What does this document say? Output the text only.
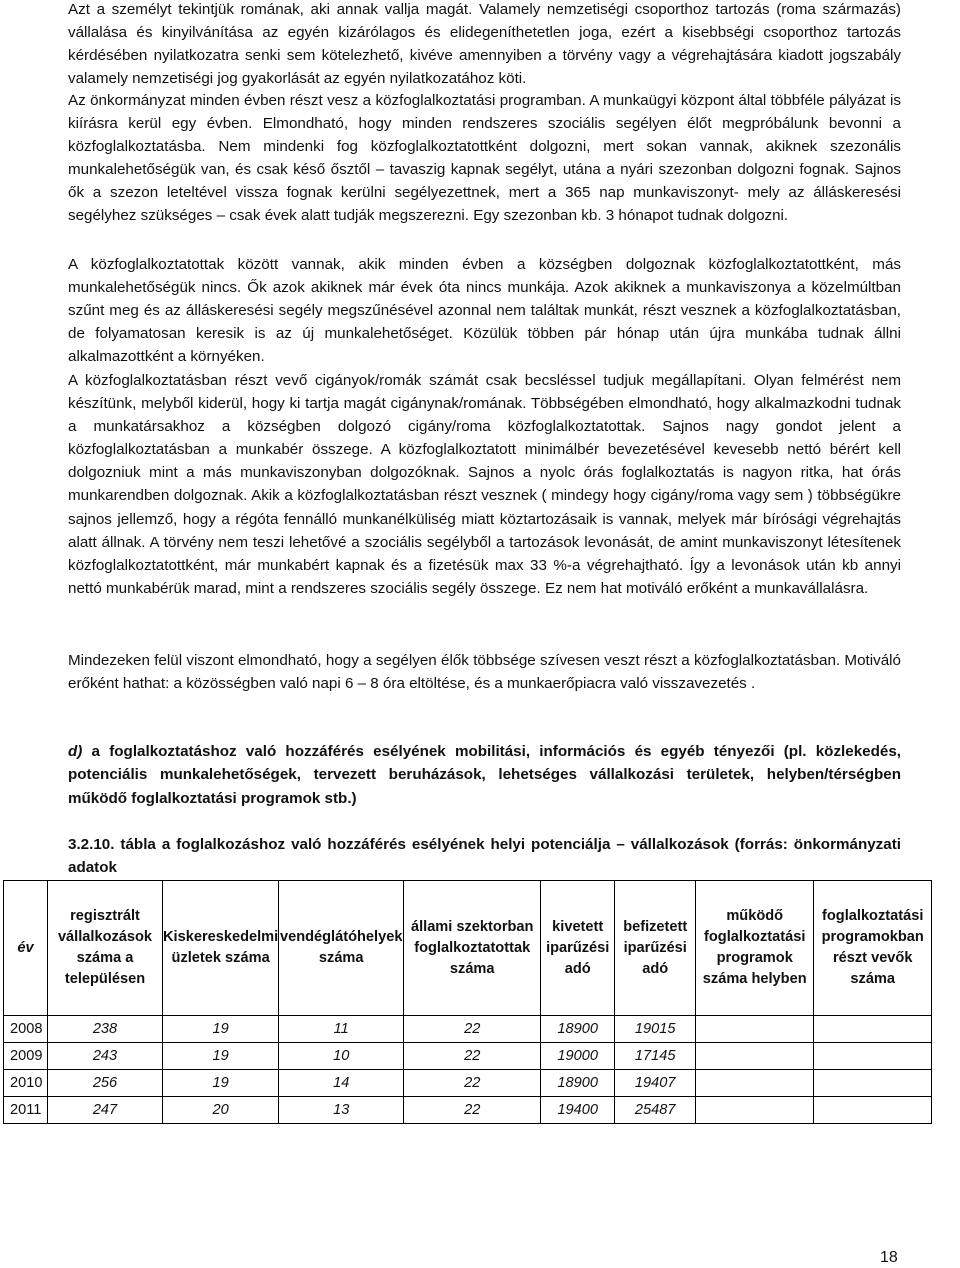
Azt a személyt tekintjük romának, aki annak vallja magát. Valamely nemzetiségi csoporthoz tartozás (roma származás) vállalása és kinyilvánítása az egyén kizárólagos és elidegeníthetetlen joga, ezért a kisebbségi csoporthoz tartozás kérdésében nyilatkozatra senki sem kötelezhető, kivéve amennyiben a törvény vagy a végrehajtására kiadott jogszabály valamely nemzetiségi jog gyakorlását az egyén nyilatkozatához köti.

Az önkormányzat minden évben részt vesz a közfoglalkoztatási programban. A munkaügyi központ által többféle pályázat is kiírásra kerül egy évben. Elmondható, hogy minden rendszeres szociális segélyen élőt megpróbálunk bevonni a közfoglalkoztatásba. Nem mindenki fog közfoglalkoztatottként dolgozni, mert sokan vannak, akiknek szezonális munkalehetőségük van, és csak késő ősztől – tavaszig kapnak segélyt, utána a nyári szezonban dolgozni fognak. Sajnos ők a szezon leteltével vissza fognak kerülni segélyezettnek, mert a 365 nap munkaviszonyt- mely az álláskeresési segélyhez szükséges – csak évek alatt tudják megszerezni. Egy szezonban kb. 3 hónapot tudnak dolgozni.

A közfoglalkoztatottak között vannak, akik minden évben a községben dolgoznak közfoglalkoztatottként, más munkalehetőségük nincs. Ők azok akiknek már évek óta nincs munkája. Azok akiknek a munkaviszonya a közelmúltban szűnt meg és az álláskeresési segély megszűnésével azonnal nem találtak munkát, részt vesznek a közfoglalkoztatásban, de folyamatosan keresik is az új munkalehetőséget. Közülük többen pár hónap után újra munkába tudnak állni alkalmazottként a környéken.

A közfoglalkoztatásban részt vevő cigányok/romák számát csak becsléssel tudjuk megállapítani. Olyan felmérést nem készítünk, melyből kiderül, hogy ki tartja magát cigánynak/romának. Többségében elmondható, hogy alkalmazkodni tudnak a munkatársakhoz a községben dolgozó cigány/roma közfoglalkoztatottak. Sajnos nagy gondot jelent a közfoglalkoztatásban a munkabér összege. A közfoglalkoztatott minimálbér bevezetésével kevesebb nettó bérért kell dolgozniuk mint a más munkaviszonyban dolgozóknak. Sajnos a nyolc órás foglalkoztatás is nagyon ritka, hat órás munkarendben dolgoznak. Akik a közfoglalkoztatásban részt vesznek ( mindegy hogy cigány/roma vagy sem ) többségükre sajnos jellemző, hogy a régóta fennálló munkanélküliség miatt köztartozásaik is vannak, melyek már bírósági végrehajtás alatt állnak. A törvény nem teszi lehetővé a szociális segélyből a tartozások levonását, de amint munkaviszonyt létesítenek közfoglalkoztatottként, már munkabért kapnak és a fizetésük max 33 %-a végrehajtható. Így a levonások után kb annyi nettó munkabérük marad, mint a rendszeres szociális segély összege. Ez nem hat motiváló erőként a munkavállalásra.

Mindezeken felül viszont elmondható, hogy a segélyen élők többsége szívesen veszt részt a közfoglalkoztatásban. Motiváló erőként hathat: a közösségben való napi 6 – 8 óra eltöltése, és a munkaerőpiacra való visszavezetés .

d) a foglalkoztatáshoz való hozzáférés esélyének mobilitási, információs és egyéb tényezői (pl. közlekedés, potenciális munkalehetőségek, tervezett beruházások, lehetséges vállalkozási területek, helyben/térségben működő foglalkoztatási programok stb.)

3.2.10. tábla a foglalkozáshoz való hozzáférés esélyének helyi potenciálja – vállalkozások (forrás: önkormányzati adatok

év	regisztrált vállalkozások száma a településen	Kiskereskedelmi üzletek száma	vendéglátóhelyek száma	állami szektorban foglalkoztatottak száma	kivetett iparűzési adó	befizetett iparűzési adó	működő foglalkoztatási programok száma helyben	foglalkoztatási programokban részt vevők száma
2008	238	19	11	22	18900	19015		
2009	243	19	10	22	19000	17145		
2010	256	19	14	22	18900	19407		
2011	247	20	13	22	19400	25487		
18
